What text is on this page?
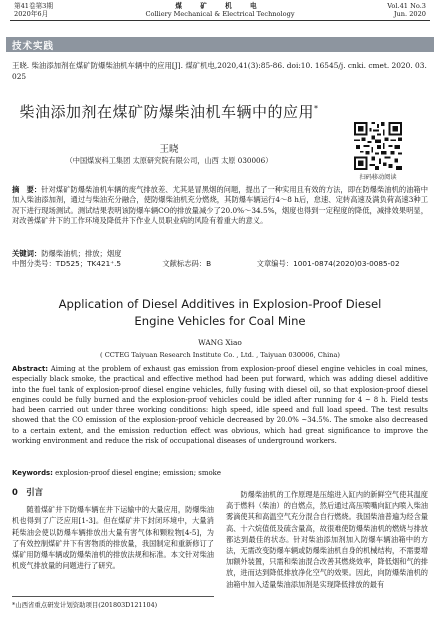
第41卷第3期
2020年6月
煤 矿 机 电
Colliery Mechanical & Electrical Technology
Vol.41 No.3
Jun. 2020
技术实践
王晓. 柴油添加剂在煤矿防爆柴油机车辆中的应用[J]. 煤矿机电,2020,41(3):85-86. doi:10. 16545/j. cnki. cmet. 2020. 03. 025
柴油添加剂在煤矿防爆柴油机车辆中的应用*
王晓
（中国煤炭科工集团 太原研究院有限公司，山西 太原 030006）
扫码移动阅读
摘　要：针对煤矿防爆柴油机车辆的废气排放差、尤其是冒黑烟的问题，提出了一种实用且有效的方法，即在防爆柴油机的油箱中加入柴油添加剂，通过与柴油充分融合，使防爆柴油机充分燃烧，其防爆车辆运行4～8 h后，怠速、定转高速及满负荷高速3种工况下进行现场测试。测试结果表明该防爆车辆CO的排放量减少了20.0%～34.5%，烟度也得到一定程度的降低，减排效果明显，对改善煤矿井下的工作环境及降低井下作业人员职业病的风险有着重大的意义。
关键词：防爆柴油机；排放；烟度
中图分类号：TD525；TK421⁺.5	文献标志码：B	文章编号：1001-0874(2020)03-0085-02
Application of Diesel Additives in Explosion-Proof Diesel
Engine Vehicles for Coal Mine
WANG Xiao
( CCTEG Taiyuan Research Institute Co. , Ltd. , Taiyuan 030006, China)
Abstract: Aiming at the problem of exhaust gas emission from explosion-proof diesel engine vehicles in coal mines, especially black smoke, the practical and effective method had been put forward, which was adding diesel additive into the fuel tank of explosion-proof diesel engine vehicles, fully fusing with diesel oil, so that explosion-proof diesel engines could be fully burned and the explosion-proof vehicles could be idled after running for 4 ~ 8 h. Field tests had been carried out under three working conditions: high speed, idle speed and full load speed. The test results showed that the CO emission of the explosion-proof vehicle decreased by 20.0% ~34.5%. The smoke also decreased to a certain extent, and the emission reduction effect was obvious, which had great significance to improve the working environment and reduce the risk of occupational diseases of underground workers.
Keywords: explosion-proof diesel engine; emission; smoke
0　引言
随着煤矿井下防爆车辆在井下运输中的大量应用，防爆柴油机也得到了广泛应用[1-3]。但在煤矿井下封闭环境中，大量消耗柴油会使以防爆车辆排放出大量有害气体和颗粒物[4-5]，为了有效控制煤矿井下有害物质的排放量，我国制定和重新修订了煤矿用防爆车辆或防爆柴油机的排放法规和标准。本文针对柴油机废气排放量的问题进行了研究。
防爆柴油机的工作原理是压缩进入缸内的新鲜空气使其温度高于燃料（柴油）的自燃点，然后通过高压喷嘴向缸内喷入柴油雾滴使其和高温空气充分混合自行燃烧。我国柴油普遍为经含量高、十六烷值低及硫含量高，故很难使防爆柴油机的燃烧与排放都达到最佳的状态。针对柴油添加剂加入防爆车辆油箱中的方法，无需改变防爆车辆或防爆柴油机自身的机械结构，不需要增加额外装置，只需和柴油混合改善其燃烧效率，降低烟和气的排放，进而达到降低排放净化空气的效果。因此，向防爆柴油机的油箱中加入适量柴油添加剂是实现降低排放的最有
*山西省重点研发计划资助项目(201803D121104)
